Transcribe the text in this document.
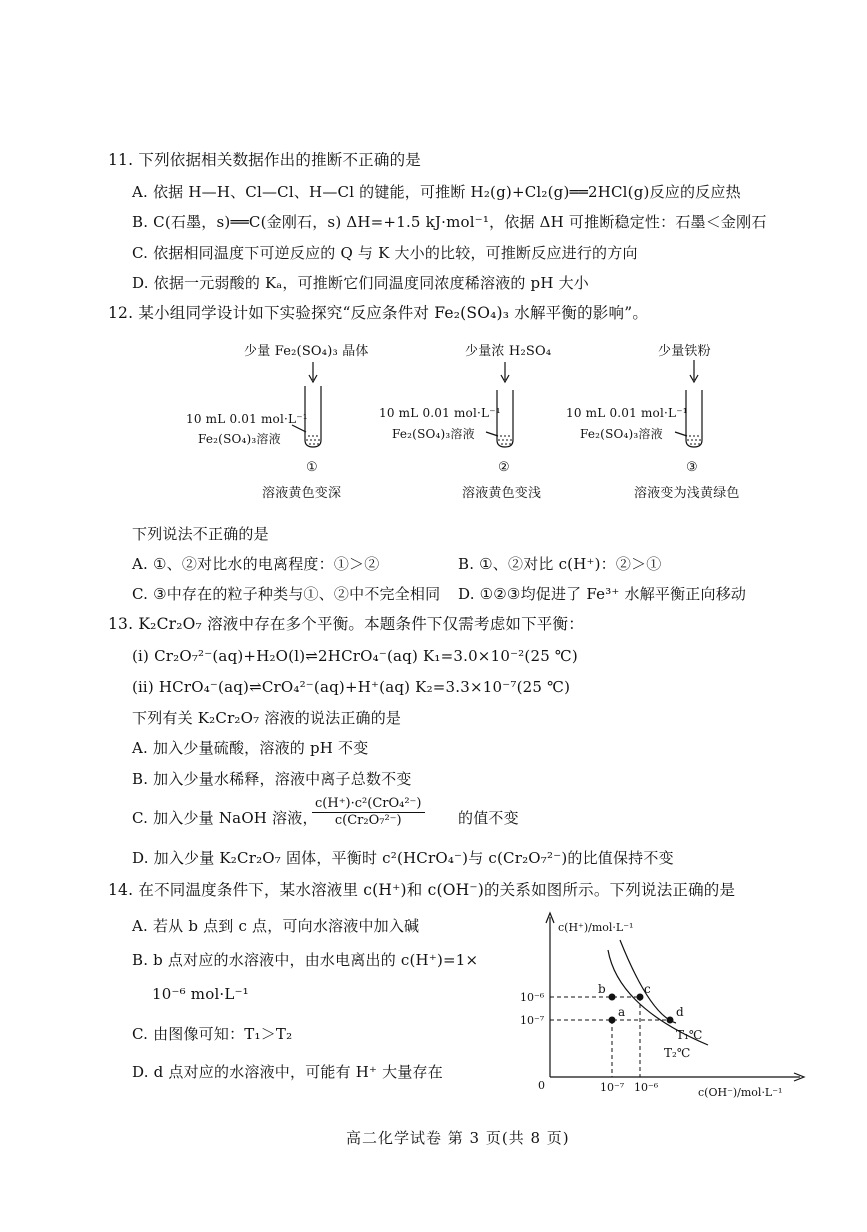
11. 下列依据相关数据作出的推断不正确的是
A. 依据 H—H、Cl—Cl、H—Cl 的键能，可推断 H₂(g)+Cl₂(g)══2HCl(g)反应的反应热
B. C(石墨，s)══C(金刚石，s) ΔH=+1.5 kJ·mol⁻¹，依据 ΔH 可推断稳定性：石墨＜金刚石
C. 依据相同温度下可逆反应的 Q 与 K 大小的比较，可推断反应进行的方向
D. 依据一元弱酸的 Kₐ，可推断它们同温度同浓度稀溶液的 pH 大小
12. 某小组同学设计如下实验探究“反应条件对 Fe₂(SO₄)₃ 水解平衡的影响”。
少量 Fe₂(SO₄)₃ 晶体
10 mL 0.01 mol·L⁻¹
Fe₂(SO₄)₃溶液
①
溶液黄色变深
少量浓 H₂SO₄
10 mL 0.01 mol·L⁻¹
Fe₂(SO₄)₃溶液
②
溶液黄色变浅
少量铁粉
10 mL 0.01 mol·L⁻¹
Fe₂(SO₄)₃溶液
③
溶液变为浅黄绿色
下列说法不正确的是
A. ①、②对比水的电离程度：①＞②	B. ①、②对比 c(H⁺)：②＞①
C. ③中存在的粒子种类与①、②中不完全相同 D. ①②③均促进了 Fe³⁺ 水解平衡正向移动
13. K₂Cr₂O₇ 溶液中存在多个平衡。本题条件下仅需考虑如下平衡：
(ⅰ) Cr₂O₇²⁻(aq)+H₂O(l)⇌2HCrO₄⁻(aq) K₁=3.0×10⁻²(25 ℃)
(ⅱ) HCrO₄⁻(aq)⇌CrO₄²⁻(aq)+H⁺(aq) K₂=3.3×10⁻⁷(25 ℃)
下列有关 K₂Cr₂O₇ 溶液的说法正确的是
A. 加入少量硫酸，溶液的 pH 不变
B. 加入少量水稀释，溶液中离子总数不变
C. 加入少量 NaOH 溶液，
c(H⁺)·c²(CrO₄²⁻)
c(Cr₂O₇²⁻)	的值不变
D. 加入少量 K₂Cr₂O₇ 固体，平衡时 c²(HCrO₄⁻)与 c(Cr₂O₇²⁻)的比值保持不变
14. 在不同温度条件下，某水溶液里 c(H⁺)和 c(OH⁻)的关系如图所示。下列说法正确的是
A. 若从 b 点到 c 点，可向水溶液中加入碱
B. b 点对应的水溶液中，由水电离出的 c(H⁺)=1×
10⁻⁶ mol·L⁻¹
C. 由图像可知：T₁＞T₂
D. d 点对应的水溶液中，可能有 H⁺ 大量存在
c(H⁺)/mol·L⁻¹
c(OH⁻)/mol·L⁻¹
0
10⁻⁶
10⁻⁷
10⁻⁷ 10⁻⁶
a
b	c
d
T₁℃
T₂℃
高二化学试卷 第 3 页(共 8 页)
